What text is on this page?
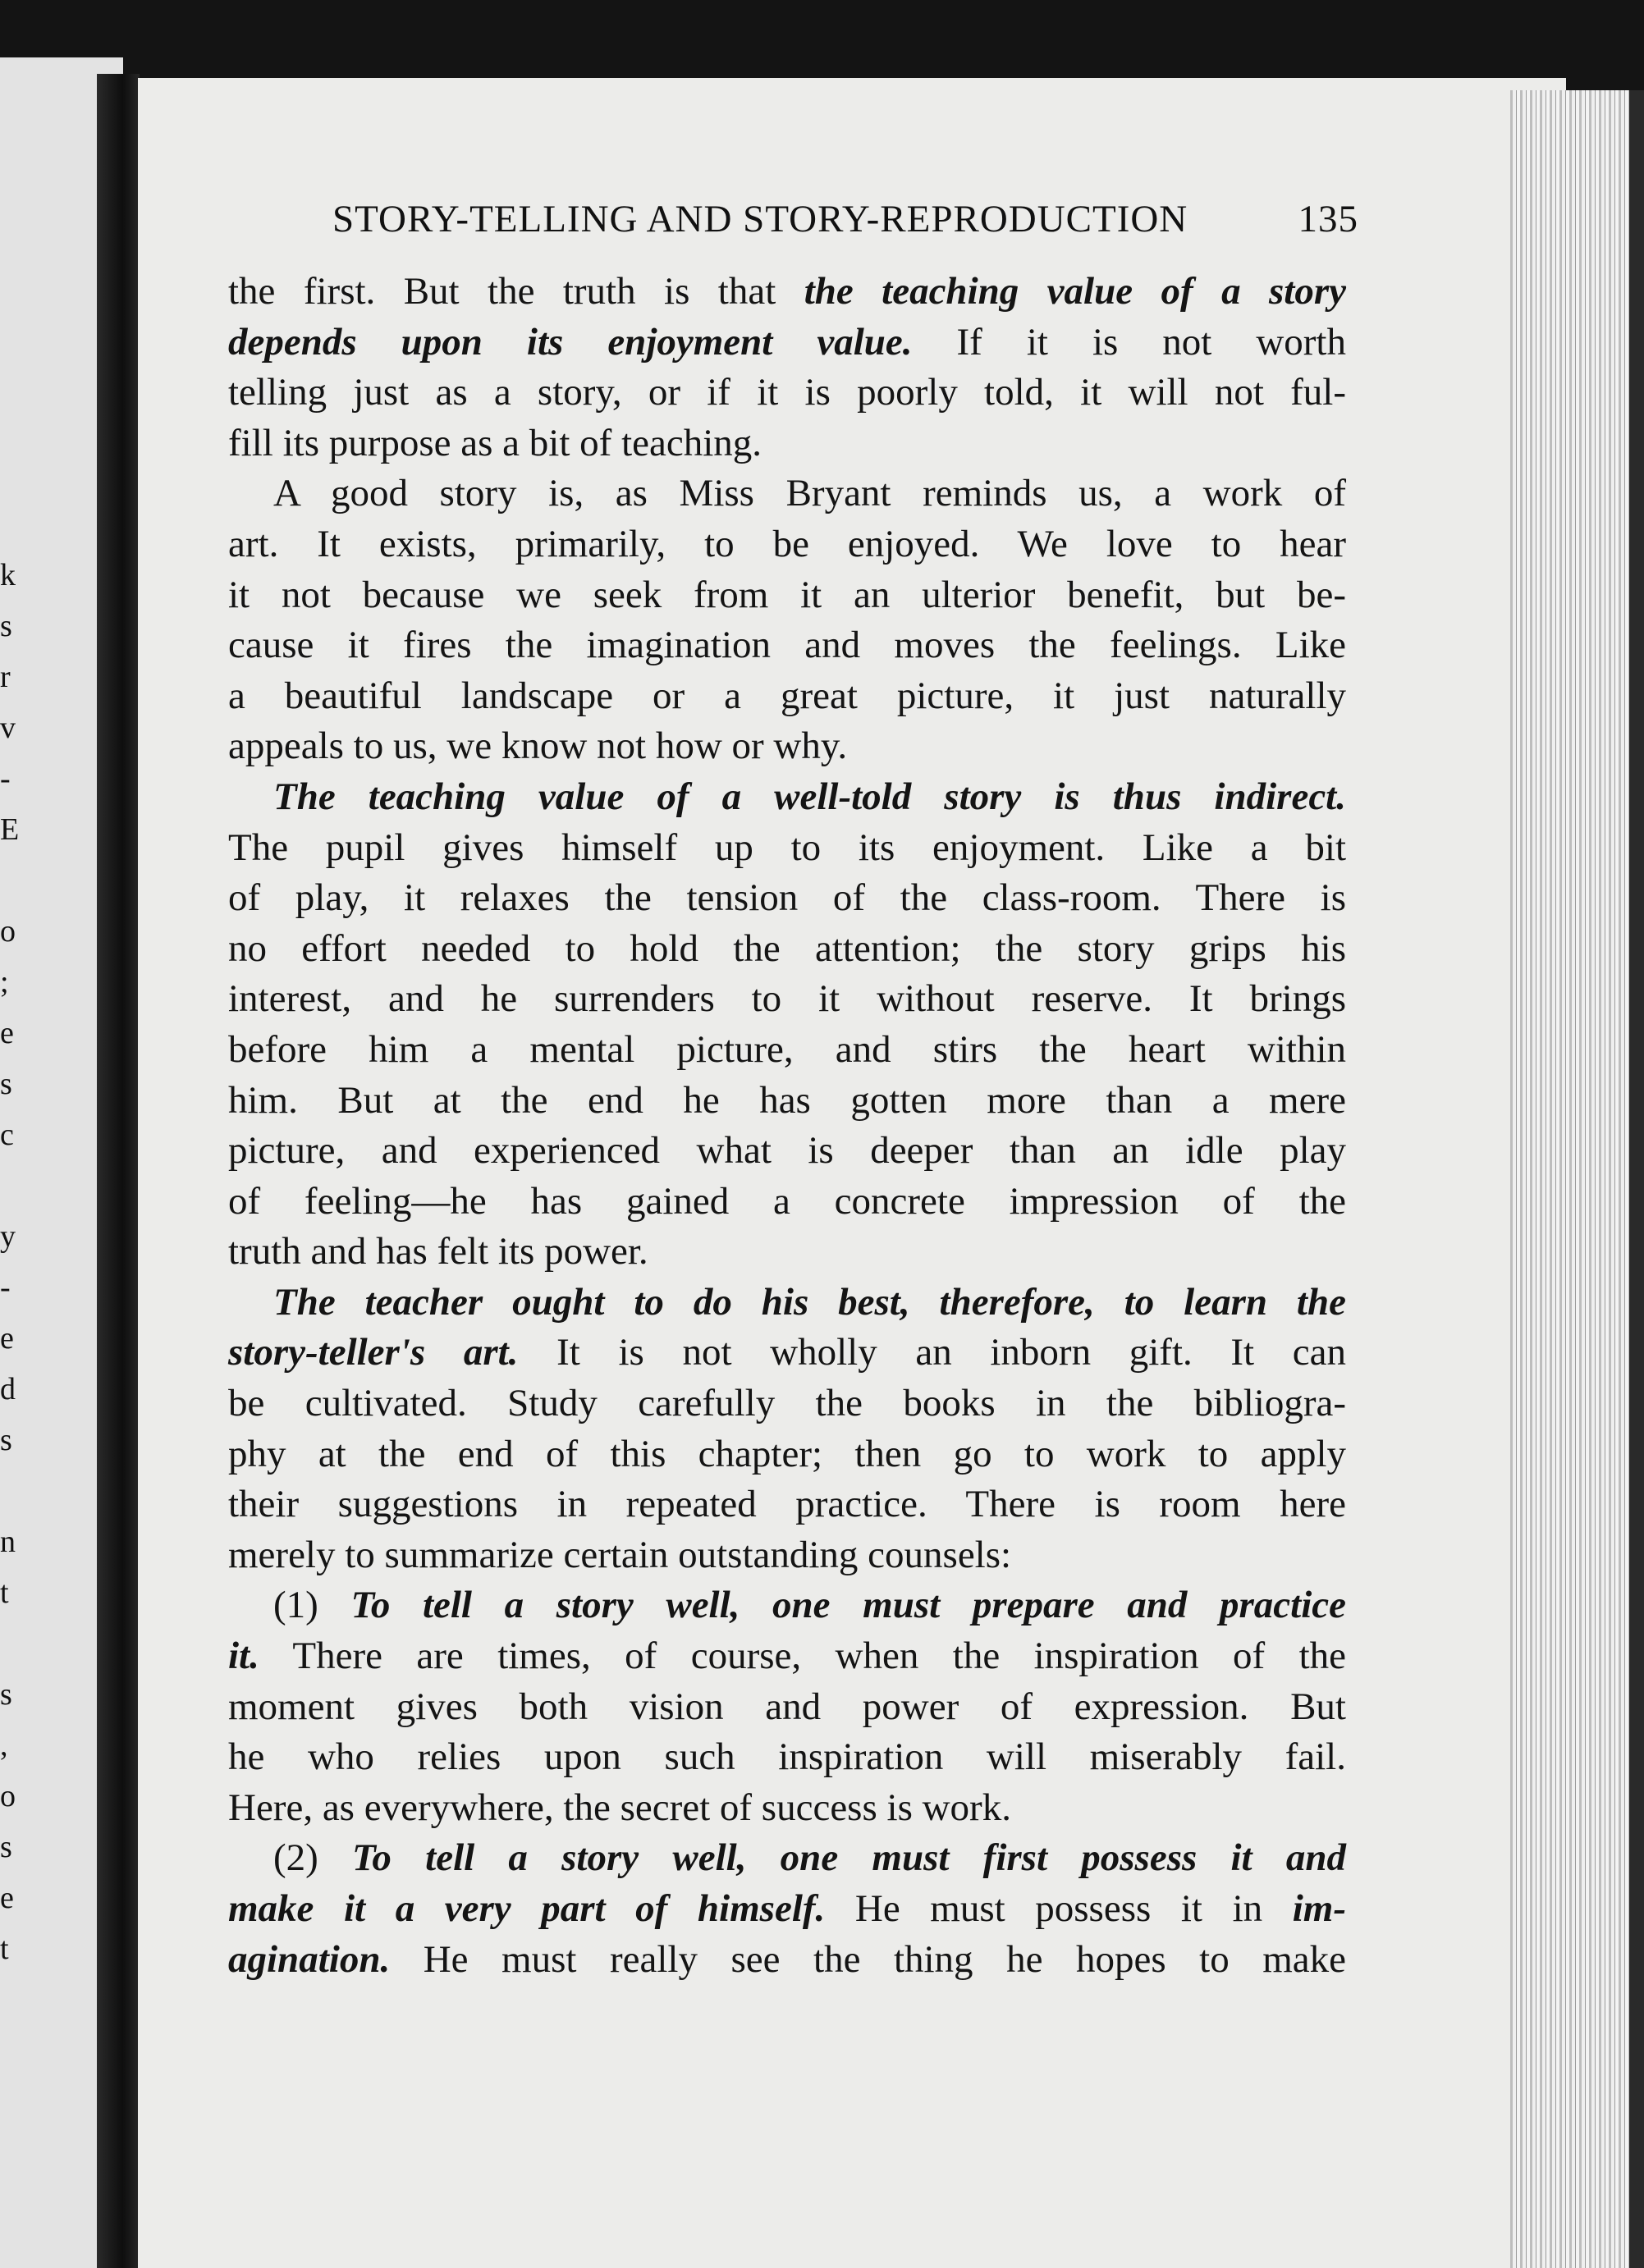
k
s
r
v
-
E

o
;
e
s
c

y
-
e
d
s

n
t

s
,
o
s
e
t
STORY-TELLING AND STORY-REPRODUCTION	135
the first. But the truth is that the teaching value of a story
depends upon its enjoyment value. If it is not worth
telling just as a story, or if it is poorly told, it will not ful-
fill its purpose as a bit of teaching.
A good story is, as Miss Bryant reminds us, a work of
art. It exists, primarily, to be enjoyed. We love to hear
it not because we seek from it an ulterior benefit, but be-
cause it fires the imagination and moves the feelings. Like
a beautiful landscape or a great picture, it just naturally
appeals to us, we know not how or why.
The teaching value of a well-told story is thus indirect.
The pupil gives himself up to its enjoyment. Like a bit
of play, it relaxes the tension of the class-room. There is
no effort needed to hold the attention; the story grips his
interest, and he surrenders to it without reserve. It brings
before him a mental picture, and stirs the heart within
him. But at the end he has gotten more than a mere
picture, and experienced what is deeper than an idle play
of feeling—he has gained a concrete impression of the
truth and has felt its power.
The teacher ought to do his best, therefore, to learn the
story-teller's art. It is not wholly an inborn gift. It can
be cultivated. Study carefully the books in the bibliogra-
phy at the end of this chapter; then go to work to apply
their suggestions in repeated practice. There is room here
merely to summarize certain outstanding counsels:
(1) To tell a story well, one must prepare and practice
it. There are times, of course, when the inspiration of the
moment gives both vision and power of expression. But
he who relies upon such inspiration will miserably fail.
Here, as everywhere, the secret of success is work.
(2) To tell a story well, one must first possess it and
make it a very part of himself. He must possess it in im-
agination. He must really see the thing he hopes to make
